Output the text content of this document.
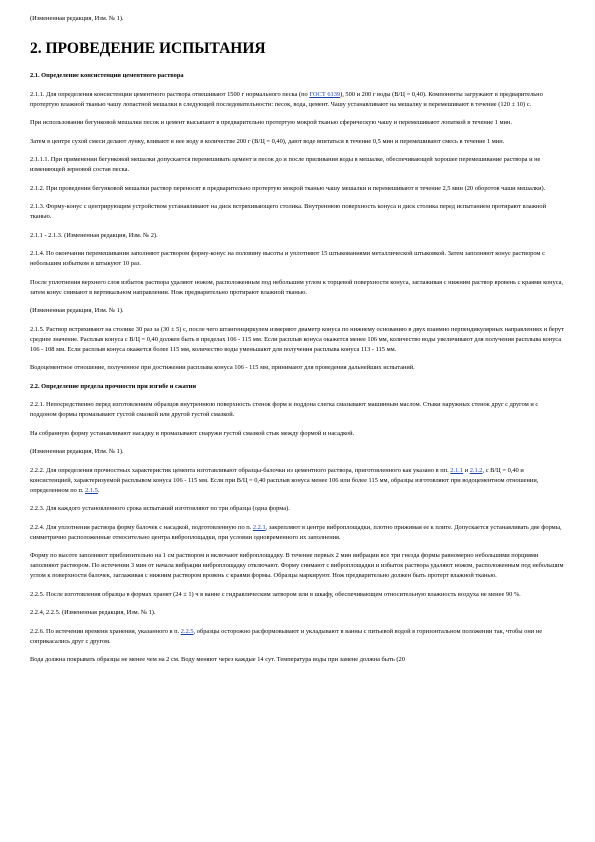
(Измененная редакция, Изм. № 1).

2. ПРОВЕДЕНИЕ ИСПЫТАНИЯ

2.1. Определение консистенции цементного раствора

2.1.1. Для определения консистенции цементного раствора отвешивают 1500 г нормального песка (по ГОСТ 6139), 500 и 200 г воды (В/Ц = 0,40). Компоненты загружают в предварительно протертую влажной тканью чашу лопастной мешалки в следующей последовательности: песок, вода, цемент. Чашу устанавливают на мешалку и перемешивают в течение (120 ± 10) с.

При использовании бегунковой мешалки песок и цемент высыпают в предварительно протертую мокрой тканью сферическую чашу и перемешивают лопаткой в течение 1 мин.

Затем в центре сухой смеси делают лунку, вливают в нее воду в количестве 200 г (В/Ц = 0,40), дают воде впитаться в течение 0,5 мин и перемешивают смесь в течение 1 мин.

2.1.1.1. При применении бегунковой мешалки допускается перемешивать цемент и песок до и после приливания воды в мешалке, обеспечивающей хорошее перемешивание раствора и не изменяющей зерновой состав песка.

2.1.2. При проведении бегунковой мешалки раствор переносят в предварительно протертую мокрой тканью чашу мешалки и перемешивают в течение 2,5 мин (20 оборотов чаши мешалки).

2.1.3. Форму-конус с центрирующим устройством устанавливают на диск встряхивающего столика. Внутреннюю поверхность конуса и диск столика перед испытанием протирают влажной тканью.

2.1.1 - 2.1.3. (Измененная редакция, Изм. № 2).

2.1.4. По окончании перемешивания заполняют раствором форму-конус на половину высоты и уплотняют 15 штыкованиями металлической штыковкой. Затем заполняют конус раствором с небольшим избытком и штыкуют 10 раз.

После уплотнения верхнего слоя избыток раствора удаляют ножом, расположенным под небольшим углом к торцевой поверхности конуса, заглаживая с нижним раствор вровень с краями конуса, затем конус снимают в вертикальном направлении. Нож предварительно протирают влажной тканью.

(Измененная редакция, Изм. № 1).

2.1.5. Раствор встряхивают на столике 30 раз за (30 ± 5) с, после чего штангенциркулем измеряют диаметр конуса по нижнему основанию в двух взаимно перпендикулярных направлениях и берут среднее значение. Расплыв конуса с В/Ц = 0,40 должен быть в пределах 106 - 115 мм. Если расплыв конуса окажется менее 106 мм, количество воды увеличивают для получения расплыва конуса 106 - 108 мм. Если расплыв конуса окажется более 115 мм, количество воды уменьшают для получения расплыва конуса 113 - 115 мм.

Водоцементное отношение, полученное при достижении расплыва конуса 106 - 115 мм, принимают для проведения дальнейших испытаний.

2.2. Определение предела прочности при изгибе и сжатии

2.2.1. Непосредственно перед изготовлением образцов внутреннюю поверхность стенок форм и поддона слегка смазывают машинным маслом. Стыки наружных стенок друг с другом и с поддоном формы промазывают густой смазкой или другой густой смазкой.

На собранную форму устанавливают насадку и промазывают снаружи густой смазкой стык между формой и насадкой.

(Измененная редакция, Изм. № 1).

2.2.2. Для определения прочностных характеристик цемента изготавливают образцы-балочки из цементного раствора, приготовленного как указано в пп. 2.1.1 и 2.1.2, с В/Ц = 0,40 и консистенцией, характеризуемой расплывом конуса 106 - 115 мм. Если при В/Ц = 0,40 расплыв конуса менее 106 или более 115 мм, образцы изготовляют при водоцементном отношении, определенном по п. 2.1.5.

2.2.3. Для каждого установленного срока испытаний изготовляют по три образца (одна форма).

2.2.4. Для уплотнения раствора форму балочек с насадкой, подготовленную по п. 2.2.1, закрепляют в центре виброплощадки, плотно прижимая ее к плите. Допускается устанавливать две формы, симметрично расположенные относительно центра виброплощадки, при условии одновременного их заполнения.

Форму по высоте заполняют приблизительно на 1 см раствором и включают виброплощадку. В течение первых 2 мин вибрации все три гнезда формы равномерно небольшими порциями заполняют раствором. По истечении 3 мин от начала вибрации виброплощадку отключают. Форму снимают с виброплощадки и избыток раствора удаляют ножом, расположенным под небольшим углом к поверхности балочек, заглаживая с нижним раствором вровень с краями формы. Образцы маркируют. Нож предварительно должен быть протерт влажной тканью.

2.2.5. После изготовления образцы в формах хранят (24 ± 1) ч в ванне с гидравлическим затвором или в шкафу, обеспечивающем относительную влажность воздуха не менее 90 %.

2.2.4, 2.2.5. (Измененная редакция, Изм. № 1).

2.2.6. По истечении времени хранения, указанного в п. 2.2.5, образцы осторожно расформовывают и укладывают в ванны с питьевой водой в горизонтальном положении так, чтобы они не соприкасались друг с другом.

Вода должна покрывать образцы не менее чем на 2 см. Воду меняют через каждые 14 сут. Температура воды при замене должна быть (20
